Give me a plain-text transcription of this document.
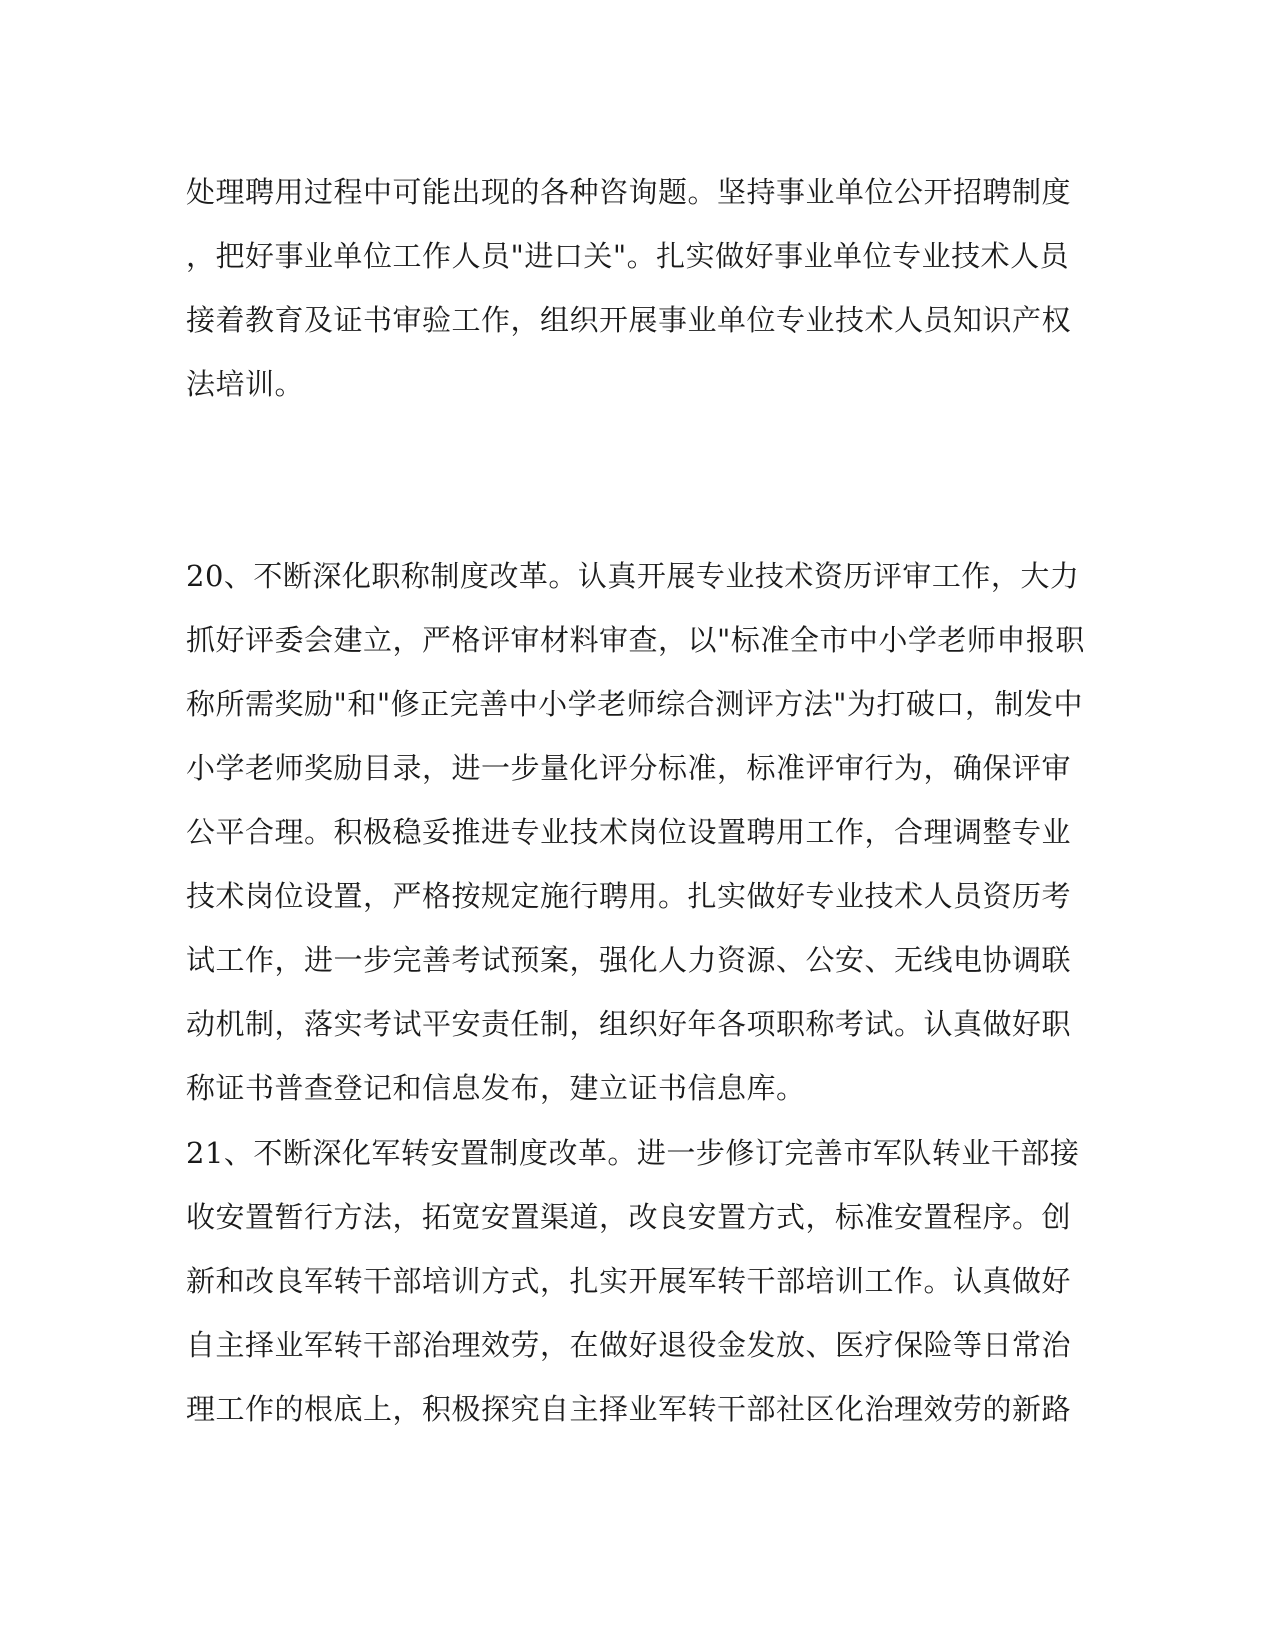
处理聘用过程中可能出现的各种咨询题。坚持事业单位公开招聘制度
，把好事业单位工作人员"进口关"。扎实做好事业单位专业技术人员
接着教育及证书审验工作，组织开展事业单位专业技术人员知识产权
法培训。
20、不断深化职称制度改革。认真开展专业技术资历评审工作，大力
抓好评委会建立，严格评审材料审查，以"标准全市中小学老师申报职
称所需奖励"和"修正完善中小学老师综合测评方法"为打破口，制发中
小学老师奖励目录，进一步量化评分标准，标准评审行为，确保评审
公平合理。积极稳妥推进专业技术岗位设置聘用工作，合理调整专业
技术岗位设置，严格按规定施行聘用。扎实做好专业技术人员资历考
试工作，进一步完善考试预案，强化人力资源、公安、无线电协调联
动机制，落实考试平安责任制，组织好年各项职称考试。认真做好职
称证书普查登记和信息发布，建立证书信息库。
21、不断深化军转安置制度改革。进一步修订完善市军队转业干部接
收安置暂行方法，拓宽安置渠道，改良安置方式，标准安置程序。创
新和改良军转干部培训方式，扎实开展军转干部培训工作。认真做好
自主择业军转干部治理效劳，在做好退役金发放、医疗保险等日常治
理工作的根底上，积极探究自主择业军转干部社区化治理效劳的新路
